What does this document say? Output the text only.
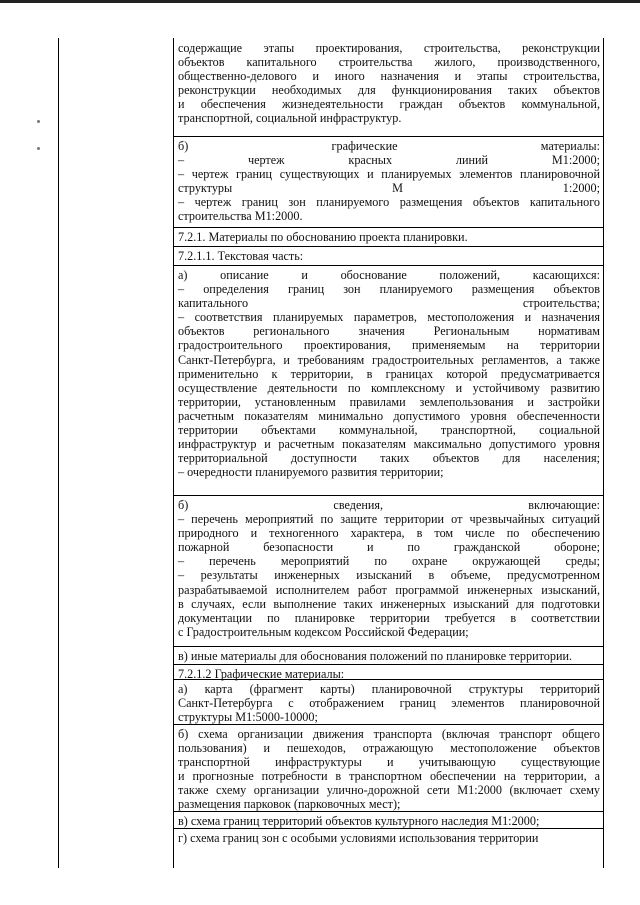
содержащие этапы проектирования, строительства, реконструкции
объектов капитального строительства жилого, производственного,
общественно-делового и иного назначения и этапы строительства,
реконструкции необходимых для функционирования таких объектов
и обеспечения жизнедеятельности граждан объектов коммунальной,
транспортной, социальной инфраструктур.
б) графические материалы:
– чертеж красных линий М1:2000;
– чертеж границ существующих и планируемых элементов планировочной
структуры М 1:2000;
– чертеж границ зон планируемого размещения объектов капитального
строительства М1:2000.
7.2.1. Материалы по обоснованию проекта планировки.
7.2.1.1. Текстовая часть:
а) описание и обоснование положений, касающихся:
– определения границ зон планируемого размещения объектов
капитального строительства;
– соответствия планируемых параметров, местоположения и назначения
объектов регионального значения Региональным нормативам
градостроительного проектирования, применяемым на территории
Санкт-Петербурга, и требованиям градостроительных регламентов, а также
применительно к территории, в границах которой предусматривается
осуществление деятельности по комплексному и устойчивому развитию
территории, установленным правилами землепользования и застройки
расчетным показателям минимально допустимого уровня обеспеченности
территории объектами коммунальной, транспортной, социальной
инфраструктур и расчетным показателям максимально допустимого уровня
территориальной доступности таких объектов для населения;
– очередности планируемого развития территории;
б) сведения, включающие:
– перечень мероприятий по защите территории от чрезвычайных ситуаций
природного и техногенного характера, в том числе по обеспечению
пожарной безопасности и по гражданской обороне;
– перечень мероприятий по охране окружающей среды;
– результаты инженерных изысканий в объеме, предусмотренном
разрабатываемой исполнителем работ программой инженерных изысканий,
в случаях, если выполнение таких инженерных изысканий для подготовки
документации по планировке территории требуется в соответствии
с Градостроительным кодексом Российской Федерации;
в) иные материалы для обоснования положений по планировке территории.
7.2.1.2 Графические материалы:
а) карта (фрагмент карты) планировочной структуры территорий
Санкт-Петербурга с отображением границ элементов планировочной
структуры М1:5000-10000;
б) схема организации движения транспорта (включая транспорт общего
пользования) и пешеходов, отражающую местоположение объектов
транспортной инфраструктуры и учитывающую существующие
и прогнозные потребности в транспортном обеспечении на территории, а
также схему организации улично-дорожной сети М1:2000 (включает схему
размещения парковок (парковочных мест);
в) схема границ территорий объектов культурного наследия М1:2000;
г) схема границ зон с особыми условиями использования территории
